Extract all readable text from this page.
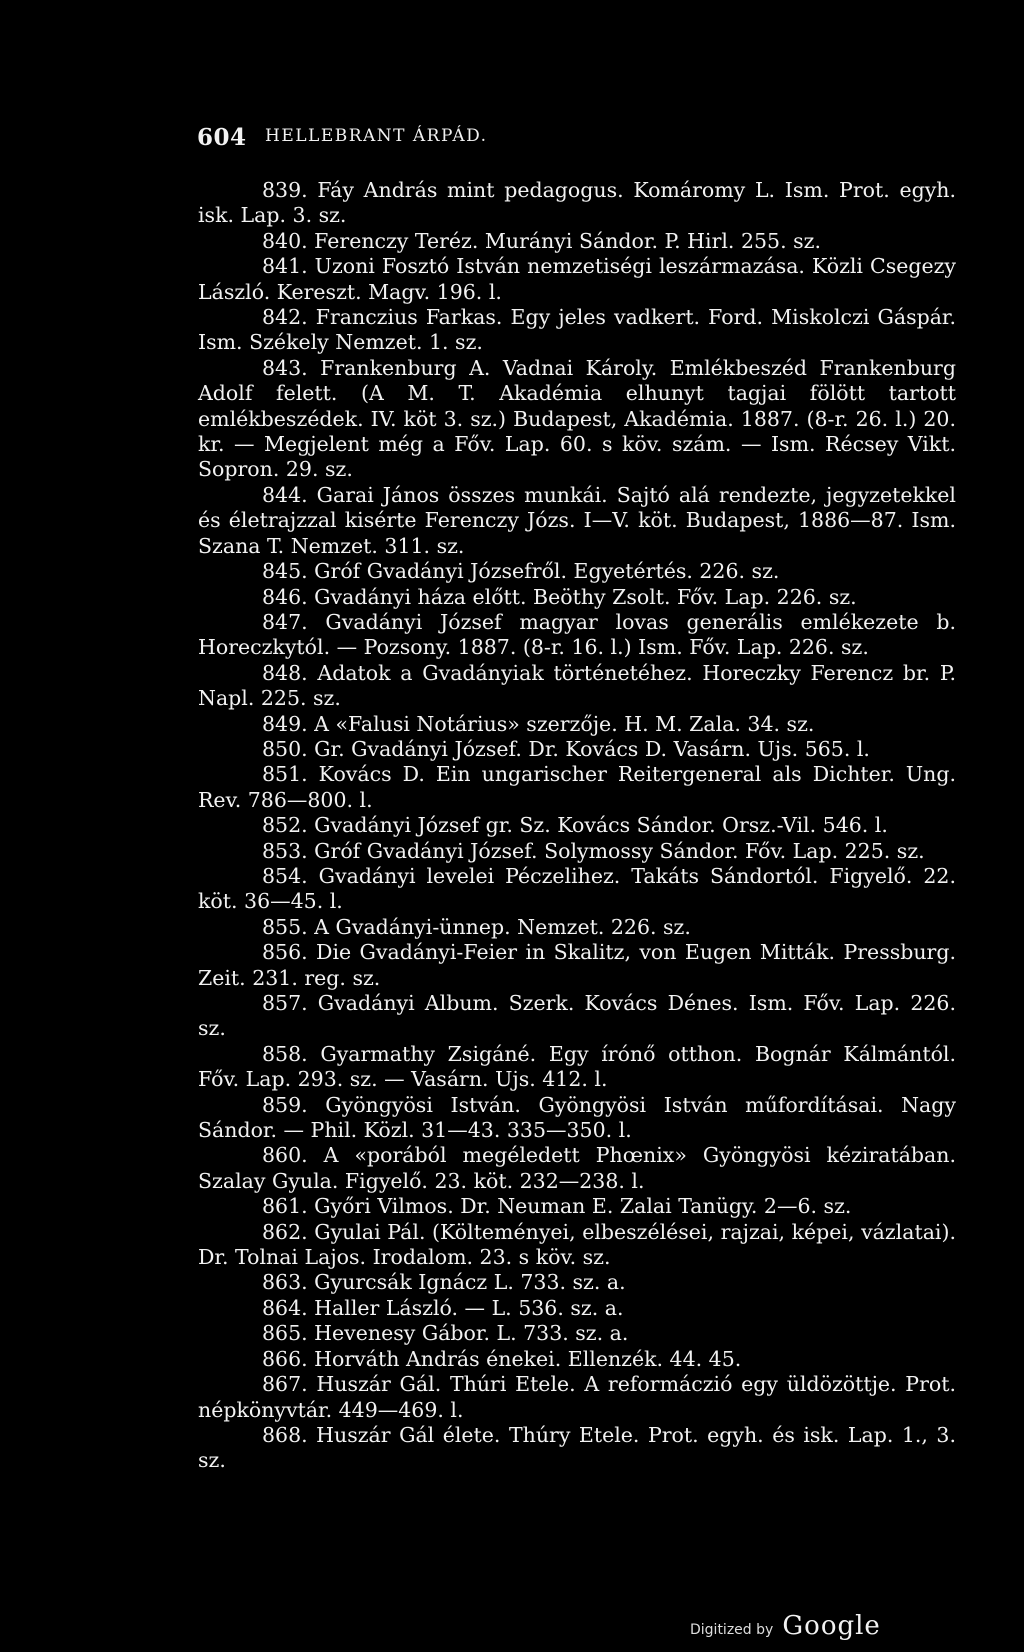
604 HELLEBRANT ÁRPÁD.

839. Fáy András mint pedagogus. Komáromy L. Ism. Prot. egyh. isk. Lap. 3. sz.

840. Ferenczy Teréz. Murányi Sándor. P. Hirl. 255. sz.

841. Uzoni Fosztó István nemzetiségi leszármazása. Közli Csegezy László. Kereszt. Magv. 196. l.

842. Franczius Farkas. Egy jeles vadkert. Ford. Miskolczi Gáspár. Ism. Székely Nemzet. 1. sz.

843. Frankenburg A. Vadnai Károly. Emlékbeszéd Frankenburg Adolf felett. (A M. T. Akadémia elhunyt tagjai fölött tartott emlékbeszédek. IV. köt 3. sz.) Budapest, Akadémia. 1887. (8-r. 26. l.) 20. kr. — Megjelent még a Főv. Lap. 60. s köv. szám. — Ism. Récsey Vikt. Sopron. 29. sz.

844. Garai János összes munkái. Sajtó alá rendezte, jegyzetekkel és életrajzzal kisérte Ferenczy Józs. I—V. köt. Budapest, 1886—87. Ism. Szana T. Nemzet. 311. sz.

845. Gróf Gvadányi Józsefről. Egyetértés. 226. sz.

846. Gvadányi háza előtt. Beöthy Zsolt. Főv. Lap. 226. sz.

847. Gvadányi József magyar lovas generális emlékezete b. Horeczkytól. — Pozsony. 1887. (8-r. 16. l.) Ism. Főv. Lap. 226. sz.

848. Adatok a Gvadányiak történetéhez. Horeczky Ferencz br. P. Napl. 225. sz.

849. A «Falusi Notárius» szerzője. H. M. Zala. 34. sz.

850. Gr. Gvadányi József. Dr. Kovács D. Vasárn. Ujs. 565. l.

851. Kovács D. Ein ungarischer Reitergeneral als Dichter. Ung. Rev. 786—800. l.

852. Gvadányi József gr. Sz. Kovács Sándor. Orsz.-Vil. 546. l.

853. Gróf Gvadányi József. Solymossy Sándor. Főv. Lap. 225. sz.

854. Gvadányi levelei Péczelihez. Takáts Sándortól. Figyelő. 22. köt. 36—45. l.

855. A Gvadányi-ünnep. Nemzet. 226. sz.

856. Die Gvadányi-Feier in Skalitz, von Eugen Mitták. Pressburg. Zeit. 231. reg. sz.

857. Gvadányi Album. Szerk. Kovács Dénes. Ism. Főv. Lap. 226. sz.

858. Gyarmathy Zsigáné. Egy írónő otthon. Bognár Kálmántól. Főv. Lap. 293. sz. — Vasárn. Ujs. 412. l.

859. Gyöngyösi István. Gyöngyösi István műfordításai. Nagy Sándor. — Phil. Közl. 31—43. 335—350. l.

860. A «porából megéledett Phœnix» Gyöngyösi kéziratában. Szalay Gyula. Figyelő. 23. köt. 232—238. l.

861. Győri Vilmos. Dr. Neuman E. Zalai Tanügy. 2—6. sz.

862. Gyulai Pál. (Költeményei, elbeszélései, rajzai, képei, vázlatai). Dr. Tolnai Lajos. Irodalom. 23. s köv. sz.

863. Gyurcsák Ignácz L. 733. sz. a.

864. Haller László. — L. 536. sz. a.

865. Hevenesy Gábor. L. 733. sz. a.

866. Horváth András énekei. Ellenzék. 44. 45.

867. Huszár Gál. Thúri Etele. A reformáczió egy üldözöttje. Prot. népkönyvtár. 449—469. l.

868. Huszár Gál élete. Thúry Etele. Prot. egyh. és isk. Lap. 1., 3. sz.

Digitized by Google
